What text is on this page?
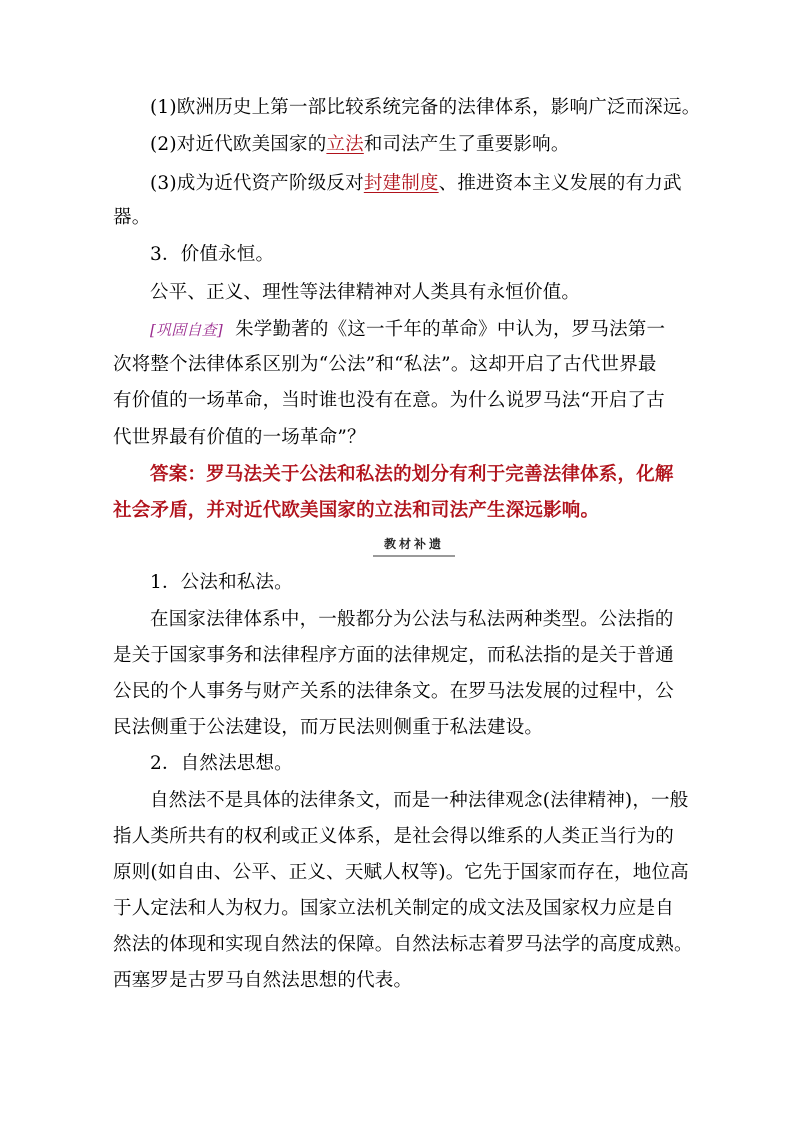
(1)欧洲历史上第一部比较系统完备的法律体系，影响广泛而深远。
(2)对近代欧美国家的立法和司法产生了重要影响。
(3)成为近代资产阶级反对封建制度、推进资本主义发展的有力武
器。
3．价值永恒。
公平、正义、理性等法律精神对人类具有永恒价值。
[巩固自查] 朱学勤著的《这一千年的革命》中认为，罗马法第一
次将整个法律体系区别为“公法”和“私法”。这却开启了古代世界最
有价值的一场革命，当时谁也没有在意。为什么说罗马法“开启了古
代世界最有价值的一场革命”？
答案：罗马法关于公法和私法的划分有利于完善法律体系，化解
社会矛盾，并对近代欧美国家的立法和司法产生深远影响。
教材补遗
1．公法和私法。
在国家法律体系中，一般都分为公法与私法两种类型。公法指的
是关于国家事务和法律程序方面的法律规定，而私法指的是关于普通
公民的个人事务与财产关系的法律条文。在罗马法发展的过程中，公
民法侧重于公法建设，而万民法则侧重于私法建设。
2．自然法思想。
自然法不是具体的法律条文，而是一种法律观念(法律精神)，一般
指人类所共有的权利或正义体系，是社会得以维系的人类正当行为的
原则(如自由、公平、正义、天赋人权等)。它先于国家而存在，地位高
于人定法和人为权力。国家立法机关制定的成文法及国家权力应是自
然法的体现和实现自然法的保障。自然法标志着罗马法学的高度成熟。
西塞罗是古罗马自然法思想的代表。
